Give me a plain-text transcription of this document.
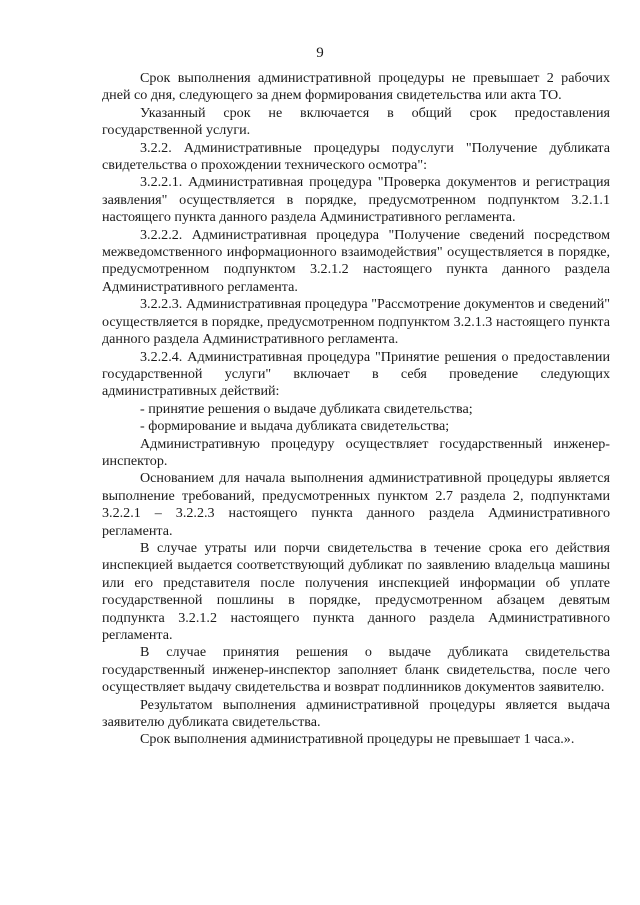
9

Срок выполнения административной процедуры не превышает 2 рабочих дней со дня, следующего за днем формирования свидетельства или акта ТО.

Указанный срок не включается в общий срок предоставления государственной услуги.

3.2.2. Административные процедуры подуслуги "Получение дубликата свидетельства о прохождении технического осмотра":

3.2.2.1. Административная процедура "Проверка документов и регистрация заявления" осуществляется в порядке, предусмотренном подпунктом 3.2.1.1 настоящего пункта данного раздела Административного регламента.

3.2.2.2. Административная процедура "Получение сведений посредством межведомственного информационного взаимодействия" осуществляется в порядке, предусмотренном подпунктом 3.2.1.2 настоящего пункта данного раздела Административного регламента.

3.2.2.3. Административная процедура "Рассмотрение документов и сведений" осуществляется в порядке, предусмотренном подпунктом 3.2.1.3 настоящего пункта данного раздела Административного регламента.

3.2.2.4. Административная процедура "Принятие решения о предоставлении государственной услуги" включает в себя проведение следующих административных действий:

- принятие решения о выдаче дубликата свидетельства;

- формирование и выдача дубликата свидетельства;

Административную процедуру осуществляет государственный инженер-инспектор.

Основанием для начала выполнения административной процедуры является выполнение требований, предусмотренных пунктом 2.7 раздела 2, подпунктами 3.2.2.1 – 3.2.2.3 настоящего пункта данного раздела Административного регламента.

В случае утраты или порчи свидетельства в течение срока его действия инспекцией выдается соответствующий дубликат по заявлению владельца машины или его представителя после получения инспекцией информации об уплате государственной пошлины в порядке, предусмотренном абзацем девятым подпункта 3.2.1.2 настоящего пункта данного раздела Административного регламента.

В случае принятия решения о выдаче дубликата свидетельства государственный инженер-инспектор заполняет бланк свидетельства, после чего осуществляет выдачу свидетельства и возврат подлинников документов заявителю.

Результатом выполнения административной процедуры является выдача заявителю дубликата свидетельства.

Срок выполнения административной процедуры не превышает 1 часа.».
